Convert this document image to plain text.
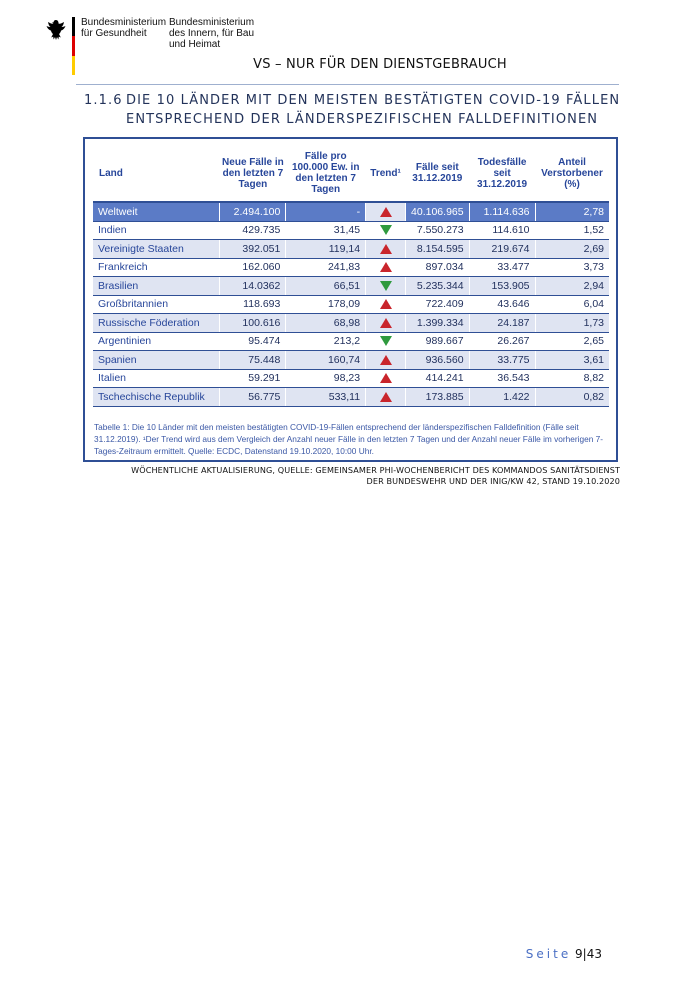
Bundesministerium
für Gesundheit
Bundesministerium
des Innern, für Bau
und Heimat
VS – NUR FÜR DEN DIENSTGEBRAUCH
1.1.6 DIE 10 LÄNDER MIT DEN MEISTEN BESTÄTIGTEN COVID-19 FÄLLEN
ENTSPRECHEND DER LÄNDERSPEZIFISCHEN FALLDEFINITIONEN
Land	Neue Fälle in den letzten 7 Tagen	Fälle pro 100.000 Ew. in den letzten 7 Tagen	Trend¹	Fälle seit 31.12.2019	Todesfälle seit 31.12.2019	Anteil Verstorbener (%)
Weltweit	2.494.100	-		40.106.965	1.114.636	2,78
Indien	429.735	31,45		7.550.273	114.610	1,52
Vereinigte Staaten	392.051	119,14		8.154.595	219.674	2,69
Frankreich	162.060	241,83		897.034	33.477	3,73
Brasilien	14.0362	66,51		5.235.344	153.905	2,94
Großbritannien	118.693	178,09		722.409	43.646	6,04
Russische Föderation	100.616	68,98		1.399.334	24.187	1,73
Argentinien	95.474	213,2		989.667	26.267	2,65
Spanien	75.448	160,74		936.560	33.775	3,61
Italien	59.291	98,23		414.241	36.543	8,82
Tschechische Republik	56.775	533,11		173.885	1.422	0,82
Tabelle 1: Die 10 Länder mit den meisten bestätigten COVID-19-Fällen entsprechend der länderspezifischen Falldefinition (Fälle seit 31.12.2019). ¹Der Trend wird aus dem Vergleich der Anzahl neuer Fälle in den letzten 7 Tagen und der Anzahl neuer Fälle im vorherigen 7-Tages-Zeitraum ermittelt. Quelle: ECDC, Datenstand 19.10.2020, 10:00 Uhr.
WÖCHENTLICHE AKTUALISIERUNG, QUELLE: GEMEINSAMER PHI-WOCHENBERICHT DES KOMMANDOS SANITÄTSDIENST
DER BUNDESWEHR UND DER INIG/KW 42, STAND 19.10.2020
Seite 9|43
